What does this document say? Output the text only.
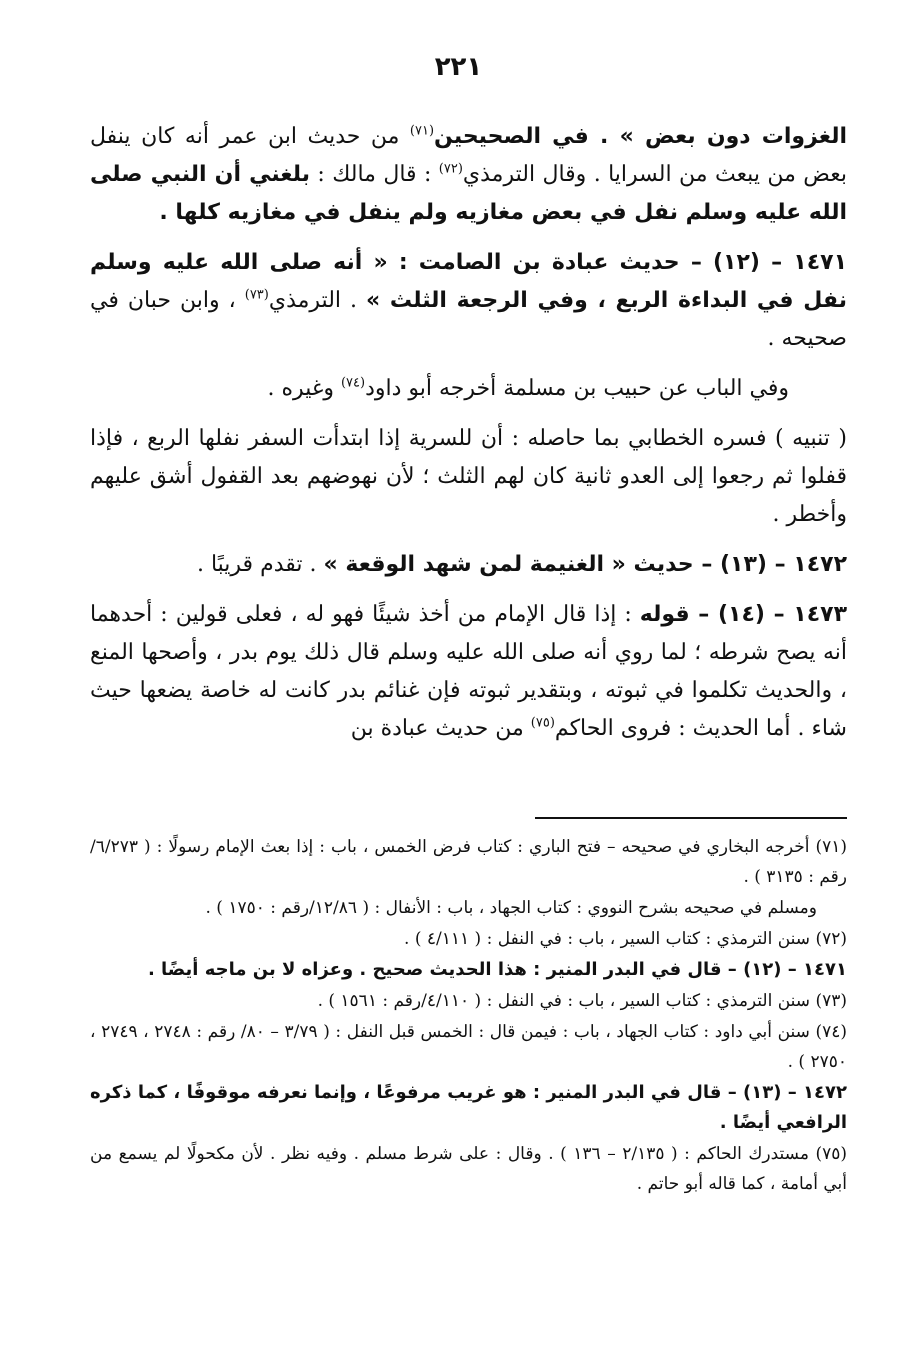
٢٢١

الغزوات دون بعض » . في الصحيحين$^{(٧١)}$ من حديث ابن عمر أنه كان ينفل بعض من يبعث من السرايا . وقال الترمذي$^{(٧٢)}$ : قال مالك : بلغني أن النبي صلى الله عليه وسلم نفل في بعض مغازيه ولم ينفل في مغازيه كلها .

١٤٧١ – (١٢) – حديث عبادة بن الصامت : « أنه صلى الله عليه وسلم نفل في البداءة الربع ، وفي الرجعة الثلث » . الترمذي$^{(٧٣)}$ ، وابن حبان في صحيحه .

وفي الباب عن حبيب بن مسلمة أخرجه أبو داود$^{(٧٤)}$ وغيره .

( تنبيه ) فسره الخطابي بما حاصله : أن للسرية إذا ابتدأت السفر نفلها الربع ، فإذا قفلوا ثم رجعوا إلى العدو ثانية كان لهم الثلث ؛ لأن نهوضهم بعد القفول أشق عليهم وأخطر .

١٤٧٢ – (١٣) – حديث « الغنيمة لمن شهد الوقعة » . تقدم قريبًا .

١٤٧٣ – (١٤) – قوله : إذا قال الإمام من أخذ شيئًا فهو له ، فعلى قولين : أحدهما أنه يصح شرطه ؛ لما روي أنه صلى الله عليه وسلم قال ذلك يوم بدر ، وأصحها المنع ، والحديث تكلموا في ثبوته ، وبتقدير ثبوته فإن غنائم بدر كانت له خاصة يضعها حيث شاء . أما الحديث : فروى الحاكم$^{(٧٥)}$ من حديث عبادة بن

(٧١) أخرجه البخاري في صحيحه – فتح الباري : كتاب فرض الخمس ، باب : إذا بعث الإمام رسولًا : ( ٦/٢٧٣/رقم : ٣١٣٥ ) .

ومسلم في صحيحه بشرح النووي : كتاب الجهاد ، باب : الأنفال : ( ١٢/٨٦/رقم : ١٧٥٠ ) .

(٧٢) سنن الترمذي : كتاب السير ، باب : في النفل : ( ٤/١١١ ) .

١٤٧١ – (١٢) – قال في البدر المنير : هذا الحديث صحيح . وعزاه لا بن ماجه أيضًا .

(٧٣) سنن الترمذي : كتاب السير ، باب : في النفل : ( ٤/١١٠/رقم : ١٥٦١ ) .

(٧٤) سنن أبي داود : كتاب الجهاد ، باب : فيمن قال : الخمس قبل النفل : ( ٣/٧٩ – ٨٠/ رقم : ٢٧٤٨ ، ٢٧٤٩ ، ٢٧٥٠ ) .

١٤٧٢ – (١٣) – قال في البدر المنير : هو غريب مرفوعًا ، وإنما نعرفه موقوفًا ، كما ذكره الرافعي أيضًا .

(٧٥) مستدرك الحاكم : ( ٢/١٣٥ – ١٣٦ ) . وقال : على شرط مسلم . وفيه نظر . لأن مكحولًا لم يسمع من أبي أمامة ، كما قاله أبو حاتم .
